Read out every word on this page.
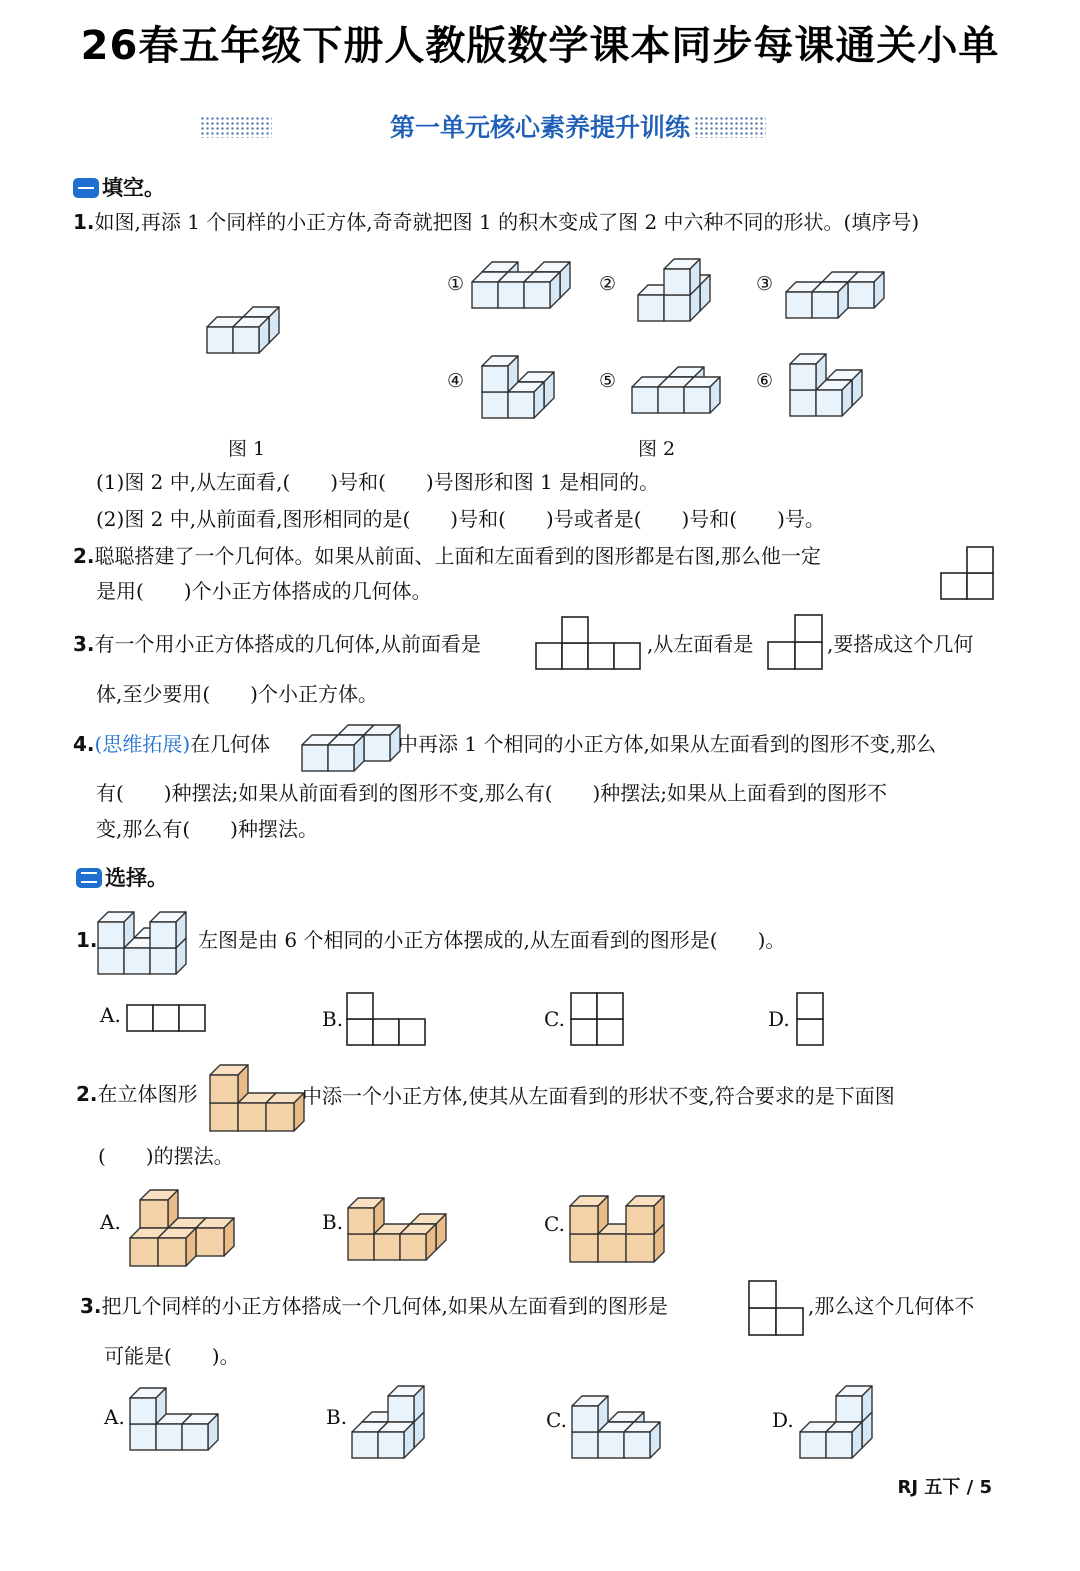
26春五年级下册人教版数学课本同步每课通关小单
第一单元核心素养提升训练
填空。
1.如图,再添 1 个同样的小正方体,奇奇就把图 1 的积木变成了图 2 中六种不同的形状。(填序号)
图 1
①	②	③
④	⑤	⑥
图 2
(1)图 2 中,从左面看,(　　)号和(　　)号图形和图 1 是相同的。
(2)图 2 中,从前面看,图形相同的是(　　)号和(　　)号或者是(　　)号和(　　)号。
2.聪聪搭建了一个几何体。如果从前面、上面和左面看到的图形都是右图,那么他一定
是用(　　)个小正方体搭成的几何体。
3.有一个用小正方体搭成的几何体,从前面看是	,从左面看是	,要搭成这个几何
体,至少要用(　　)个小正方体。
4.(思维拓展)在几何体	中再添 1 个相同的小正方体,如果从左面看到的图形不变,那么
有(　　)种摆法;如果从前面看到的图形不变,那么有(　　)种摆法;如果从上面看到的图形不
变,那么有(　　)种摆法。
选择。
1.	左图是由 6 个相同的小正方体摆成的,从左面看到的图形是(　　)。
A.	B.	C.	D.
2.在立体图形	中添一个小正方体,使其从左面看到的形状不变,符合要求的是下面图
(　　)的摆法。
A.	B.	C.
3.把几个同样的小正方体搭成一个几何体,如果从左面看到的图形是	,那么这个几何体不
可能是(　　)。
A.	B.	C.	D.
RJ 五下 / 5
